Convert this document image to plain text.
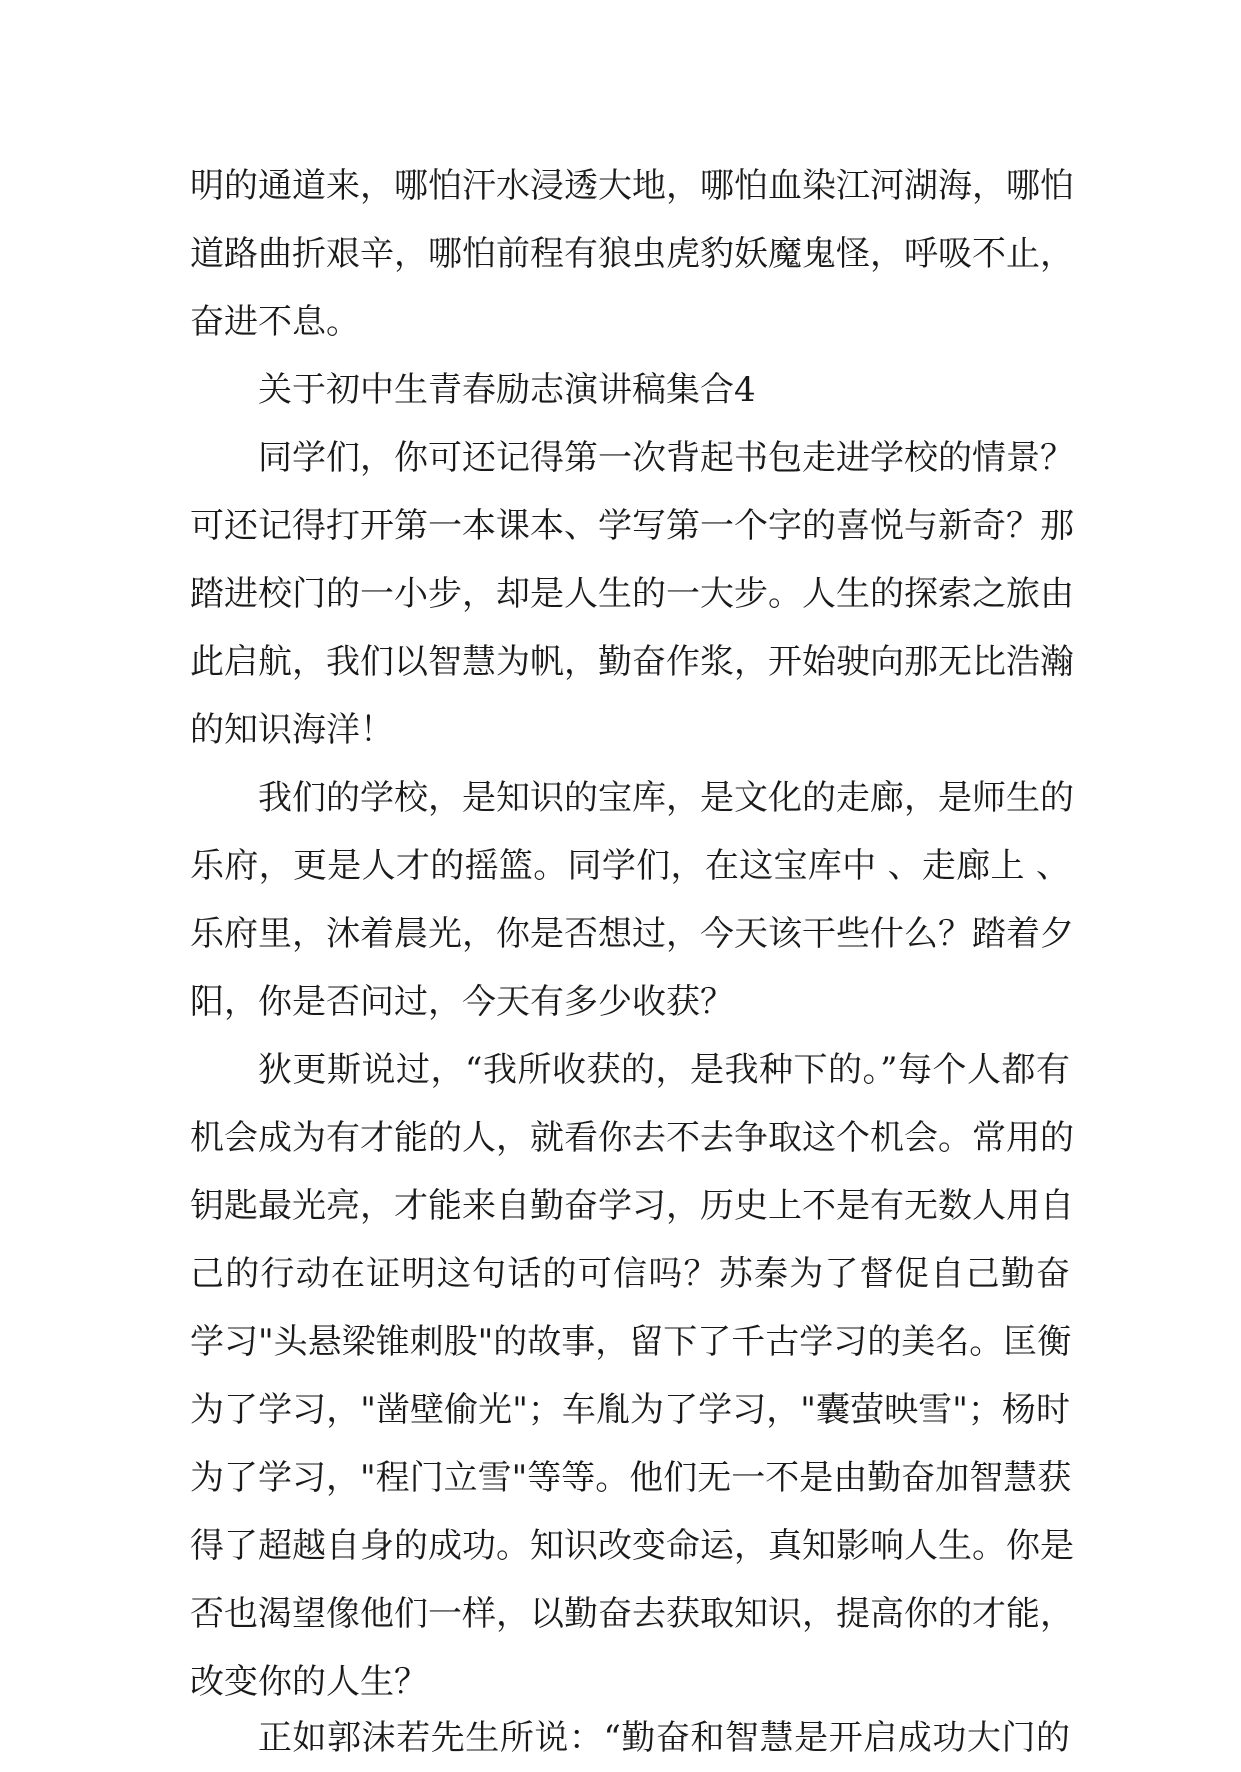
明的通道来，哪怕汗水浸透大地，哪怕血染江河湖海，哪怕
道路曲折艰辛，哪怕前程有狼虫虎豹妖魔鬼怪，呼吸不止，
奋进不息。
关于初中生青春励志演讲稿集合4
同学们，你可还记得第一次背起书包走进学校的情景？
可还记得打开第一本课本、学写第一个字的喜悦与新奇？那
踏进校门的一小步，却是人生的一大步。人生的探索之旅由
此启航，我们以智慧为帆，勤奋作浆，开始驶向那无比浩瀚
的知识海洋！
我们的学校，是知识的宝库，是文化的走廊，是师生的
乐府，更是人才的摇篮。同学们，在这宝库中 、走廊上 、
乐府里，沐着晨光，你是否想过，今天该干些什么？踏着夕
阳，你是否问过，今天有多少收获？
狄更斯说过，“我所收获的，是我种下的。”每个人都有
机会成为有才能的人，就看你去不去争取这个机会。常用的
钥匙最光亮，才能来自勤奋学习，历史上不是有无数人用自
己的行动在证明这句话的可信吗？苏秦为了督促自己勤奋
学习"头悬梁锥刺股"的故事，留下了千古学习的美名。匡衡
为了学习，"凿壁偷光"；车胤为了学习，"囊萤映雪"；杨时
为了学习，"程门立雪"等等。他们无一不是由勤奋加智慧获
得了超越自身的成功。知识改变命运，真知影响人生。你是
否也渴望像他们一样，以勤奋去获取知识，提高你的才能，
改变你的人生？
正如郭沫若先生所说：“勤奋和智慧是开启成功大门的
